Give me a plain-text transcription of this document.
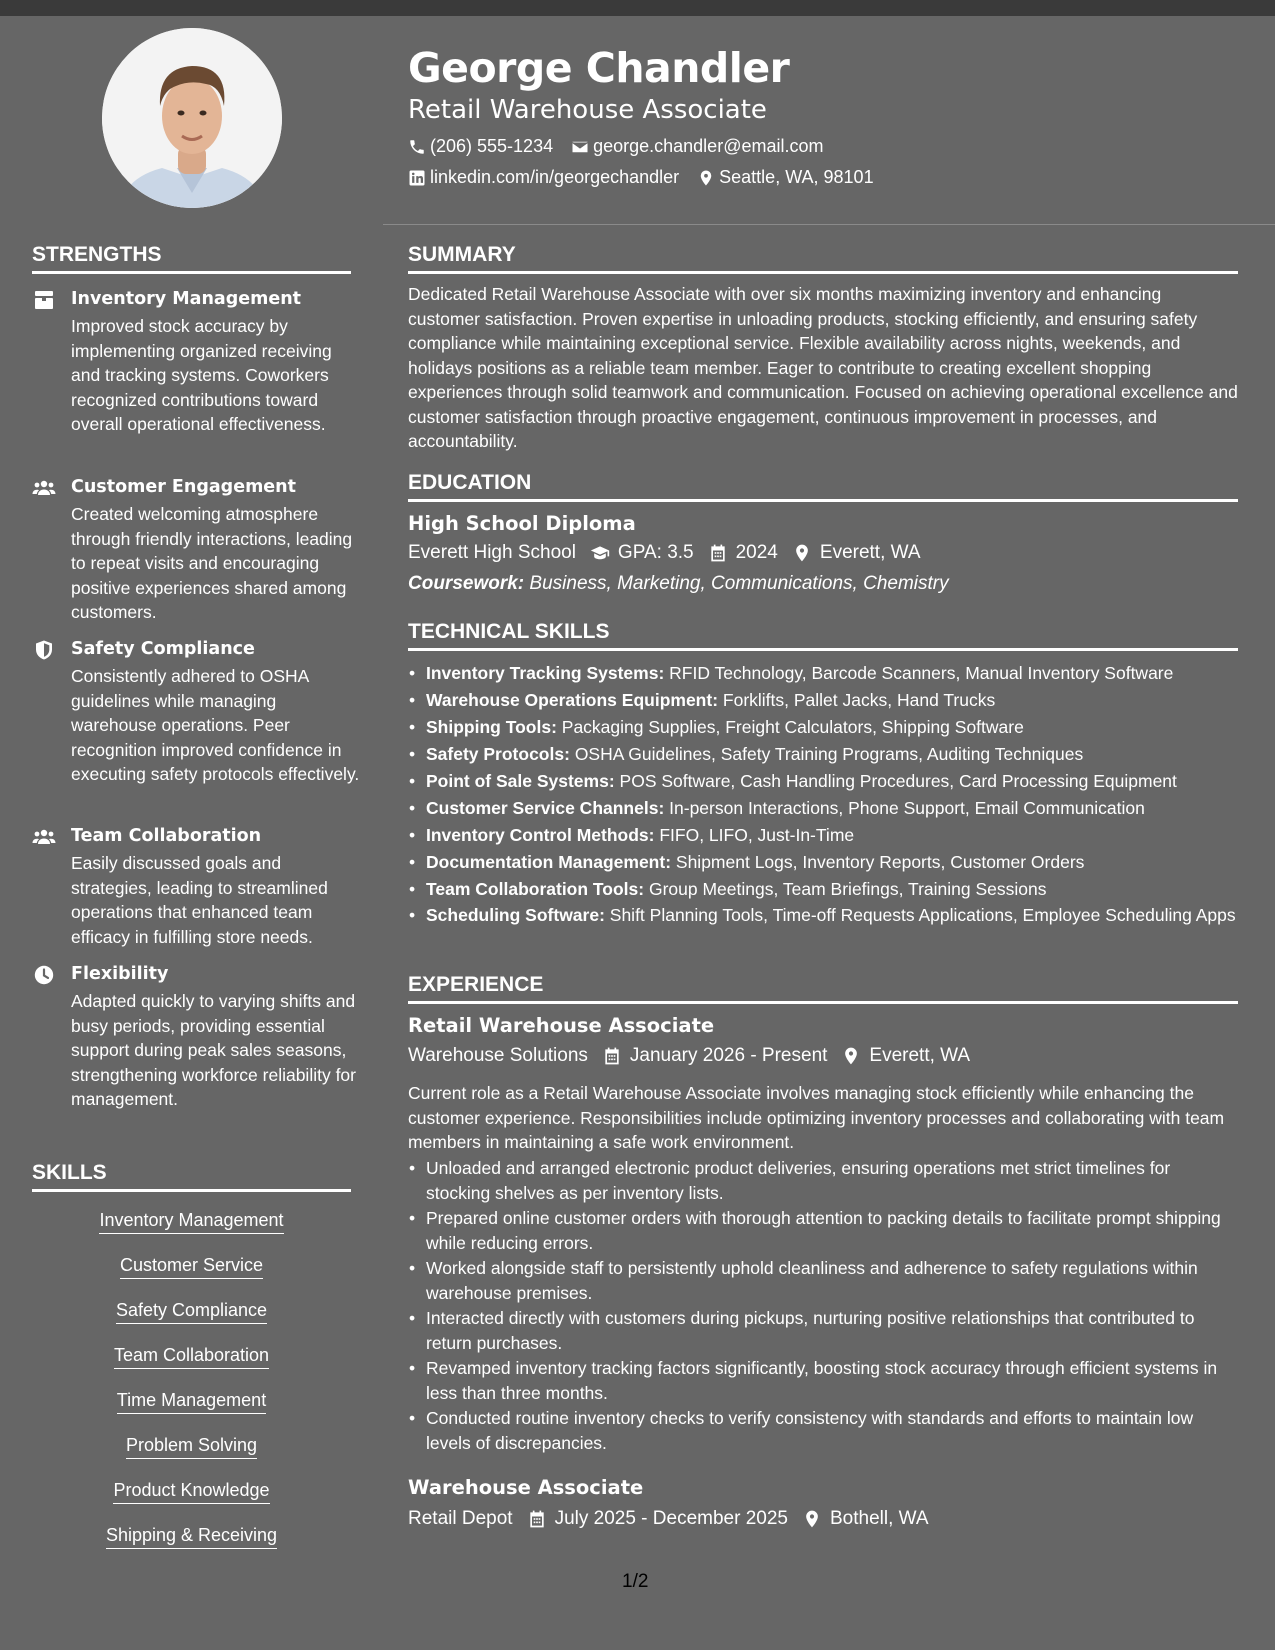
George Chandler
Retail Warehouse Associate
(206) 555-1234 george.chandler@email.com
linkedin.com/in/georgechandler Seattle, WA, 98101
STRENGTHS
Inventory Management
Improved stock accuracy by implementing organized receiving and tracking systems. Coworkers recognized contributions toward overall operational effectiveness.
Customer Engagement
Created welcoming atmosphere through friendly interactions, leading to repeat visits and encouraging positive experiences shared among customers.
Safety Compliance
Consistently adhered to OSHA guidelines while managing warehouse operations. Peer recognition improved confidence in executing safety protocols effectively.
Team Collaboration
Easily discussed goals and strategies, leading to streamlined operations that enhanced team efficacy in fulfilling store needs.
Flexibility
Adapted quickly to varying shifts and busy periods, providing essential support during peak sales seasons, strengthening workforce reliability for management.
SKILLS
Inventory Management
Customer Service
Safety Compliance
Team Collaboration
Time Management
Problem Solving
Product Knowledge
Shipping & Receiving
SUMMARY
Dedicated Retail Warehouse Associate with over six months maximizing inventory and enhancing customer satisfaction. Proven expertise in unloading products, stocking efficiently, and ensuring safety compliance while maintaining exceptional service. Flexible availability across nights, weekends, and holidays positions as a reliable team member. Eager to contribute to creating excellent shopping experiences through solid teamwork and communication. Focused on achieving operational excellence and customer satisfaction through proactive engagement, continuous improvement in processes, and accountability.
EDUCATION
High School Diploma
Everett High School GPA: 3.5 2024 Everett, WA
Coursework: Business, Marketing, Communications, Chemistry
TECHNICAL SKILLS
• Inventory Tracking Systems: RFID Technology, Barcode Scanners, Manual Inventory Software
• Warehouse Operations Equipment: Forklifts, Pallet Jacks, Hand Trucks
• Shipping Tools: Packaging Supplies, Freight Calculators, Shipping Software
• Safety Protocols: OSHA Guidelines, Safety Training Programs, Auditing Techniques
• Point of Sale Systems: POS Software, Cash Handling Procedures, Card Processing Equipment
• Customer Service Channels: In-person Interactions, Phone Support, Email Communication
• Inventory Control Methods: FIFO, LIFO, Just-In-Time
• Documentation Management: Shipment Logs, Inventory Reports, Customer Orders
• Team Collaboration Tools: Group Meetings, Team Briefings, Training Sessions
• Scheduling Software: Shift Planning Tools, Time-off Requests Applications, Employee Scheduling Apps
EXPERIENCE
Retail Warehouse Associate
Warehouse Solutions January 2026 - Present Everett, WA
Current role as a Retail Warehouse Associate involves managing stock efficiently while enhancing the customer experience. Responsibilities include optimizing inventory processes and collaborating with team members in maintaining a safe work environment.
• Unloaded and arranged electronic product deliveries, ensuring operations met strict timelines for stocking shelves as per inventory lists.
• Prepared online customer orders with thorough attention to packing details to facilitate prompt shipping while reducing errors.
• Worked alongside staff to persistently uphold cleanliness and adherence to safety regulations within warehouse premises.
• Interacted directly with customers during pickups, nurturing positive relationships that contributed to return purchases.
• Revamped inventory tracking factors significantly, boosting stock accuracy through efficient systems in less than three months.
• Conducted routine inventory checks to verify consistency with standards and efforts to maintain low levels of discrepancies.
Warehouse Associate
Retail Depot July 2025 - December 2025 Bothell, WA
1/2
